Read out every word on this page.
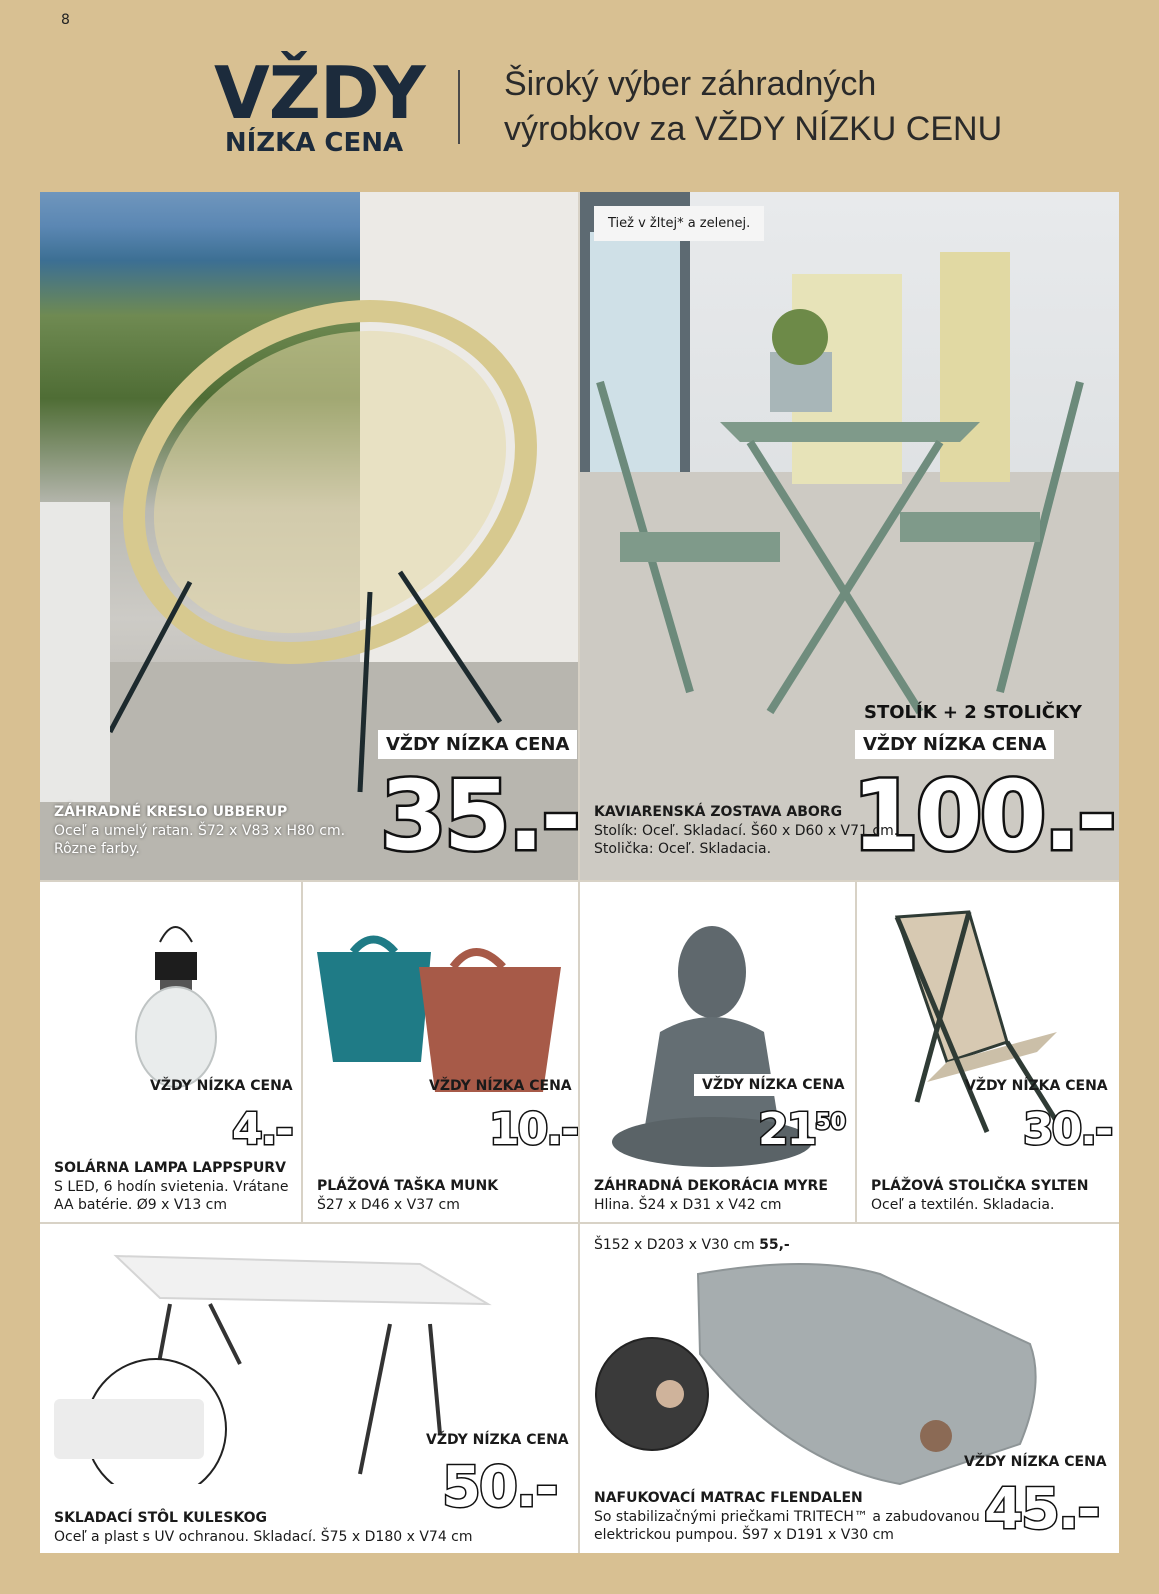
8
VŽDY
NÍZKA CENA
Široký výber záhradných
výrobkov za VŽDY NÍZKU CENU
VŽDY NÍZKA CENA
35.-
ZÁHRADNÉ KRESLO UBBERUP
Oceľ a umelý ratan. Š72 x V83 x H80 cm.
Rôzne farby.
Tiež v žltej* a zelenej.
STOLÍK + 2 STOLIČKY
VŽDY NÍZKA CENA
100.-
KAVIARENSKÁ ZOSTAVA ABORG
Stolík: Oceľ. Skladací. Š60 x D60 x V71 cm.
Stolička: Oceľ. Skladacia.
VŽDY NÍZKA CENA
4.-
SOLÁRNA LAMPA LAPPSPURV
S LED, 6 hodín svietenia. Vrátane
AA batérie. Ø9 x V13 cm
VŽDY NÍZKA CENA
10.-
PLÁŽOVÁ TAŠKA MUNK
Š27 x D46 x V37 cm
VŽDY NÍZKA CENA
$21^{50}$
ZÁHRADNÁ DEKORÁCIA MYRE
Hlina. Š24 x D31 x V42 cm
VŽDY NÍZKA CENA
30.-
PLÁŽOVÁ STOLIČKA SYLTEN
Oceľ a textilén. Skladacia.
VŽDY NÍZKA CENA
50.-
SKLADACÍ STÔL KULESKOG
Oceľ a plast s UV ochranou. Skladací. Š75 x D180 x V74 cm
Š152 x D203 x V30 cm 55,-
VŽDY NÍZKA CENA
45.-
NAFUKOVACÍ MATRAC FLENDALEN
So stabilizačnými priečkami TRITECH™ a zabudovanou
elektrickou pumpou. Š97 x D191 x V30 cm
